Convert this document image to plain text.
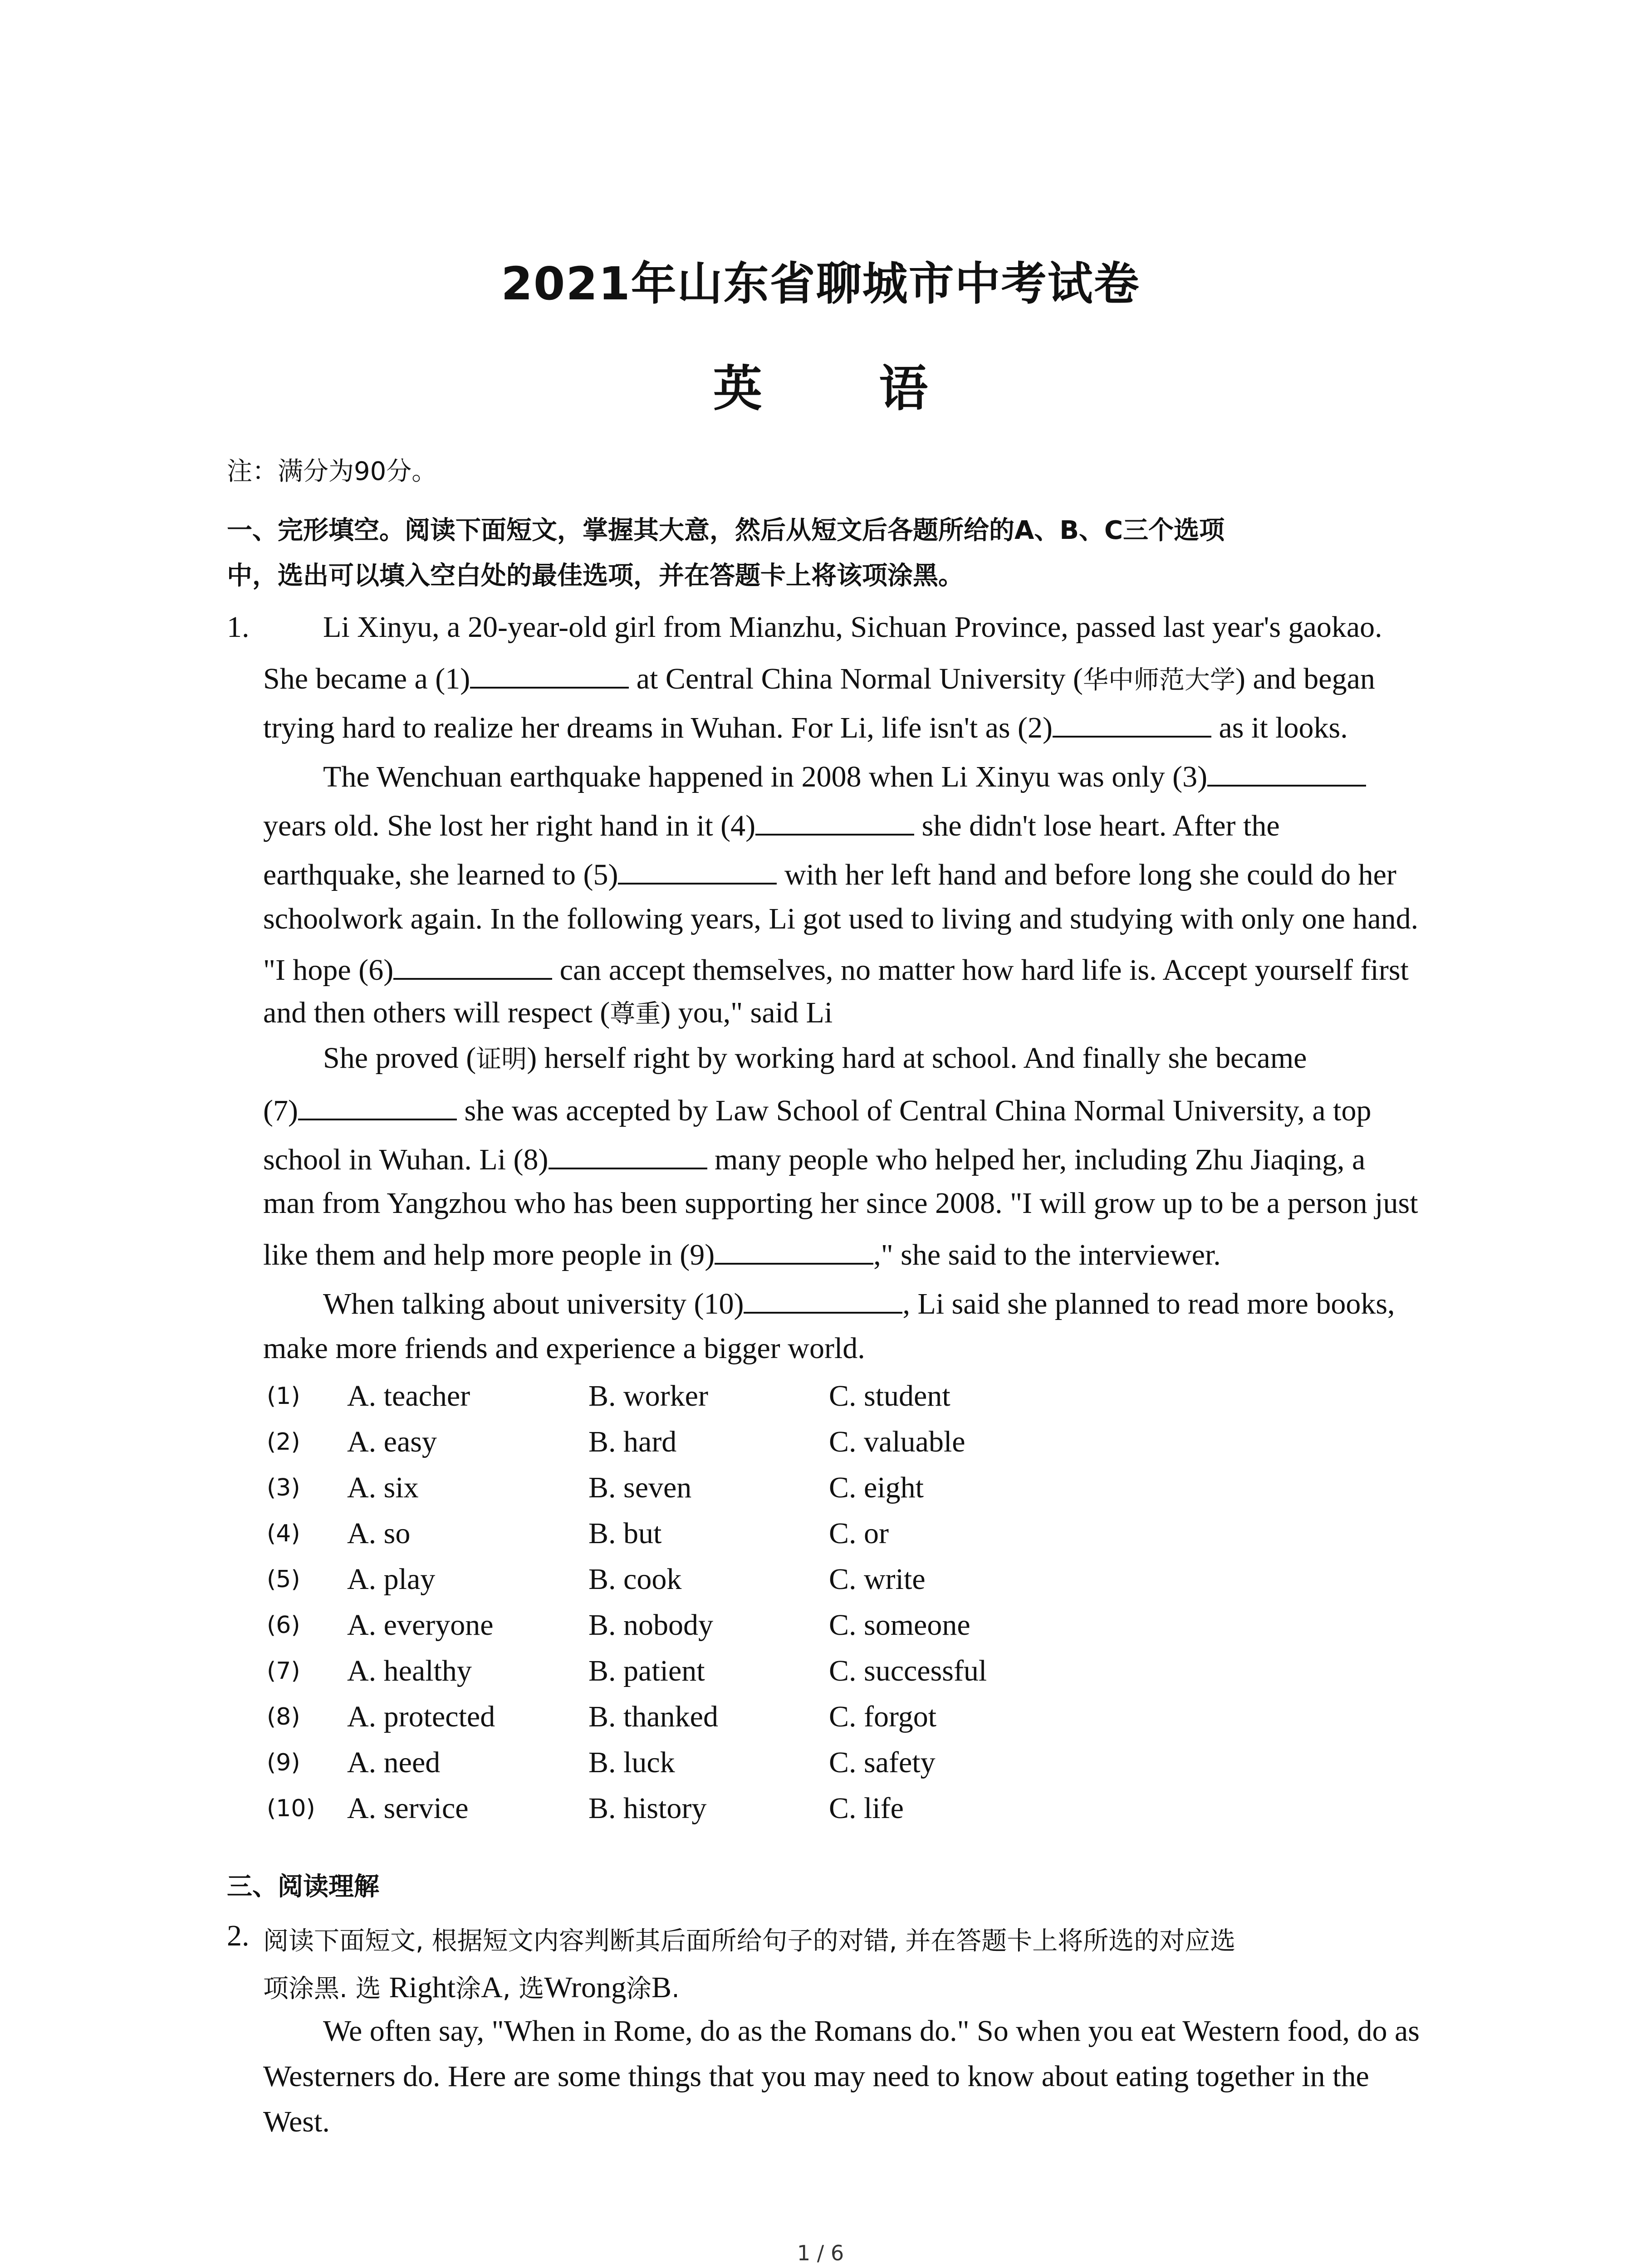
2021年山东省聊城市中考试卷
英 语
注：满分为90分。
一、完形填空。阅读下面短文，掌握其大意，然后从短文后各题所给的A、B、C三个选项
中，选出可以填入空白处的最佳选项，并在答题卡上将该项涂黑。
1. Li Xinyu, a 20-year-old girl from Mianzhu, Sichuan Province, passed last year's gaokao.
She became a (1)	at Central China Normal University (华中师范大学) and began
trying hard to realize her dreams in Wuhan. For Li, life isn't as (2)	as it looks.
The Wenchuan earthquake happened in 2008 when Li Xinyu was only (3)
years old. She lost her right hand in it (4)	she didn't lose heart. After the
earthquake, she learned to (5)	with her left hand and before long she could do her
schoolwork again. In the following years, Li got used to living and studying with only one hand.
"I hope (6)	can accept themselves, no matter how hard life is. Accept yourself first
and then others will respect (尊重) you," said Li
She proved (证明) herself right by working hard at school. And finally she became
(7)	she was accepted by Law School of Central China Normal University, a top
school in Wuhan. Li (8)	many people who helped her, including Zhu Jiaqing, a
man from Yangzhou who has been supporting her since 2008. "I will grow up to be a person just
like them and help more people in (9)	," she said to the interviewer.
When talking about university (10)	, Li said she planned to read more books,
make more friends and experience a bigger world.
(1) A. teacher	B. worker	C. student
(2) A. easy	B. hard	C. valuable
(3) A. six	B. seven	C. eight
(4) A. so	B. but	C. or
(5) A. play	B. cook	C. write
(6) A. everyone	B. nobody	C. someone
(7) A. healthy	B. patient	C. successful
(8) A. protected	B. thanked	C. forgot
(9) A. need	B. luck	C. safety
(10) A. service	B. history	C. life
三、阅读理解
2. 阅读下面短文, 根据短文内容判断其后面所给句子的对错, 并在答题卡上将所选的对应选
项涂黑. 选 Right涂A, 选Wrong涂B.
We often say, "When in Rome, do as the Romans do." So when you eat Western food, do as
Westerners do. Here are some things that you may need to know about eating together in the
West.
1 / 6
